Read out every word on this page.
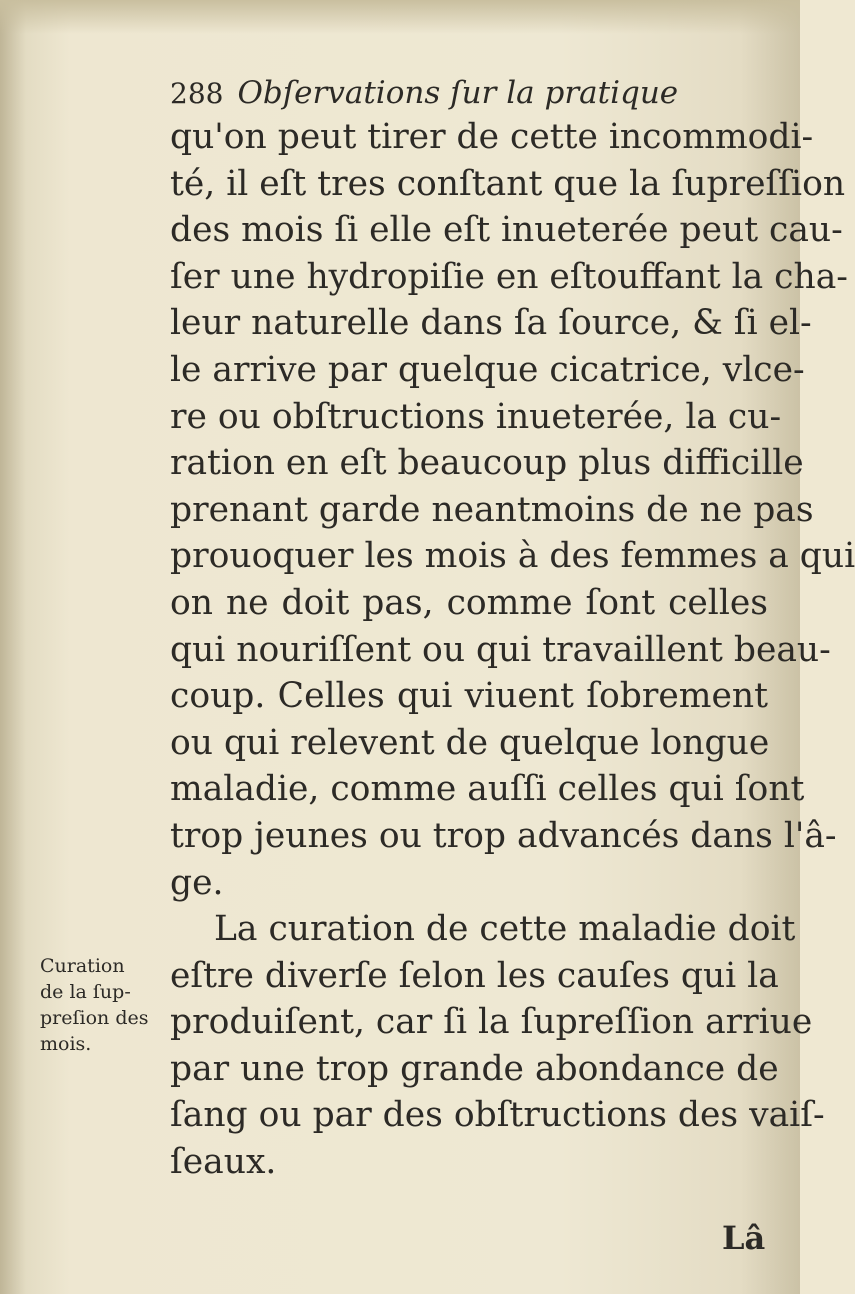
288 Obſervations ſur la pratique
qu'on peut tirer de cette incommodi-
té, il eſt tres conſtant que la ſupreſſion
des mois ſi elle eſt inueterée peut cau-
ſer une hydropiſie en eſtouffant la cha-
leur naturelle dans ſa ſource, & ſi el-
le arrive par quelque cicatrice, vlce-
re ou obſtructions inueterée, la cu-
ration en eſt beaucoup plus difficille
prenant garde neantmoins de ne pas
prouoquer les mois à des femmes a qui
on ne doit pas, comme ſont celles
qui nouriſſent ou qui travaillent beau-
coup. Celles qui viuent ſobrement
ou qui relevent de quelque longue
maladie, comme auſſi celles qui ſont
trop jeunes ou trop advancés dans l'â-
ge.
La curation de cette maladie doit
eſtre diverſe ſelon les cauſes qui la
produiſent, car ſi la ſupreſſion arriue
par une trop grande abondance de
ſang ou par des obſtructions des vaiſ-
ſeaux.
Curation
de la ſup-
preſion des
mois.
Lâ
